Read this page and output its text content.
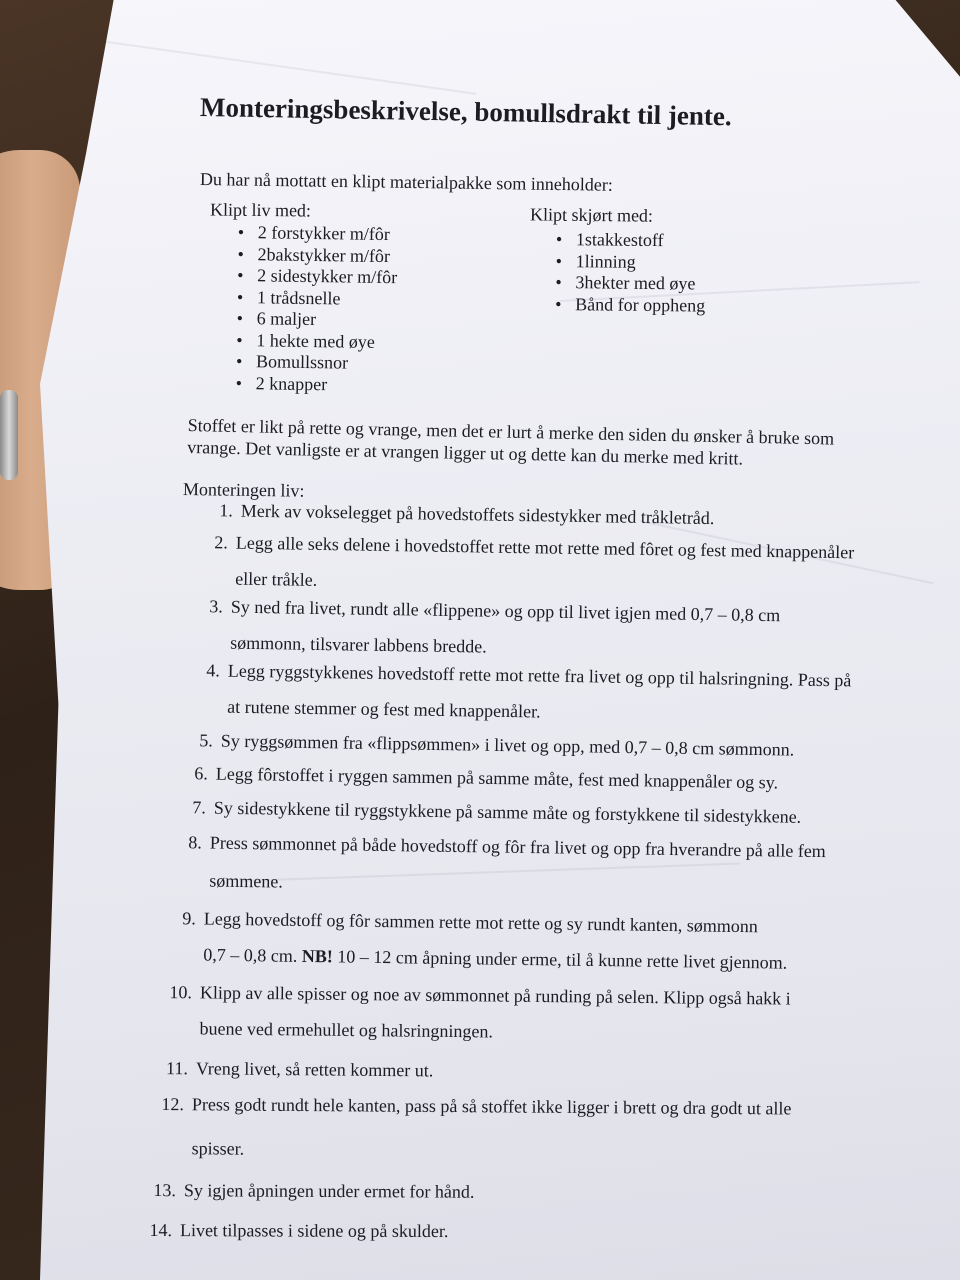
Monteringsbeskrivelse, bomullsdrakt til jente.
Du har nå mottatt en klipt materialpakke som inneholder:
Klipt liv med:
• 2 forstykker m/fôr
• 2bakstykker m/fôr
• 2 sidestykker m/fôr
• 1 trådsnelle
• 6 maljer
• 1 hekte med øye
• Bomullssnor
• 2 knapper
Klipt skjørt med:
• 1stakkestoff
• 1linning
• 3hekter med øye
• Bånd for oppheng
Stoffet er likt på rette og vrange, men det er lurt å merke den siden du ønsker å bruke som vrange. Det vanligste er at vrangen ligger ut og dette kan du merke med kritt.
Monteringen liv:
1. Merk av vokselegget på hovedstoffets sidestykker med tråkletråd.
2. Legg alle seks delene i hovedstoffet rette mot rette med fôret og fest med knappenåler
eller tråkle.
3. Sy ned fra livet, rundt alle «flippene» og opp til livet igjen med 0,7 – 0,8 cm
sømmonn, tilsvarer labbens bredde.
4. Legg ryggstykkenes hovedstoff rette mot rette fra livet og opp til halsringning. Pass på
at rutene stemmer og fest med knappenåler.
5. Sy ryggsømmen fra «flippsømmen» i livet og opp, med 0,7 – 0,8 cm sømmonn.
6. Legg fôrstoffet i ryggen sammen på samme måte, fest med knappenåler og sy.
7. Sy sidestykkene til ryggstykkene på samme måte og forstykkene til sidestykkene.
8. Press sømmonnet på både hovedstoff og fôr fra livet og opp fra hverandre på alle fem
sømmene.
9. Legg hovedstoff og fôr sammen rette mot rette og sy rundt kanten, sømmonn
0,7 – 0,8 cm. NB! 10 – 12 cm åpning under erme, til å kunne rette livet gjennom.
10. Klipp av alle spisser og noe av sømmonnet på runding på selen. Klipp også hakk i
buene ved ermehullet og halsringningen.
11. Vreng livet, så retten kommer ut.
12. Press godt rundt hele kanten, pass på så stoffet ikke ligger i brett og dra godt ut alle
spisser.
13. Sy igjen åpningen under ermet for hånd.
14. Livet tilpasses i sidene og på skulder.
